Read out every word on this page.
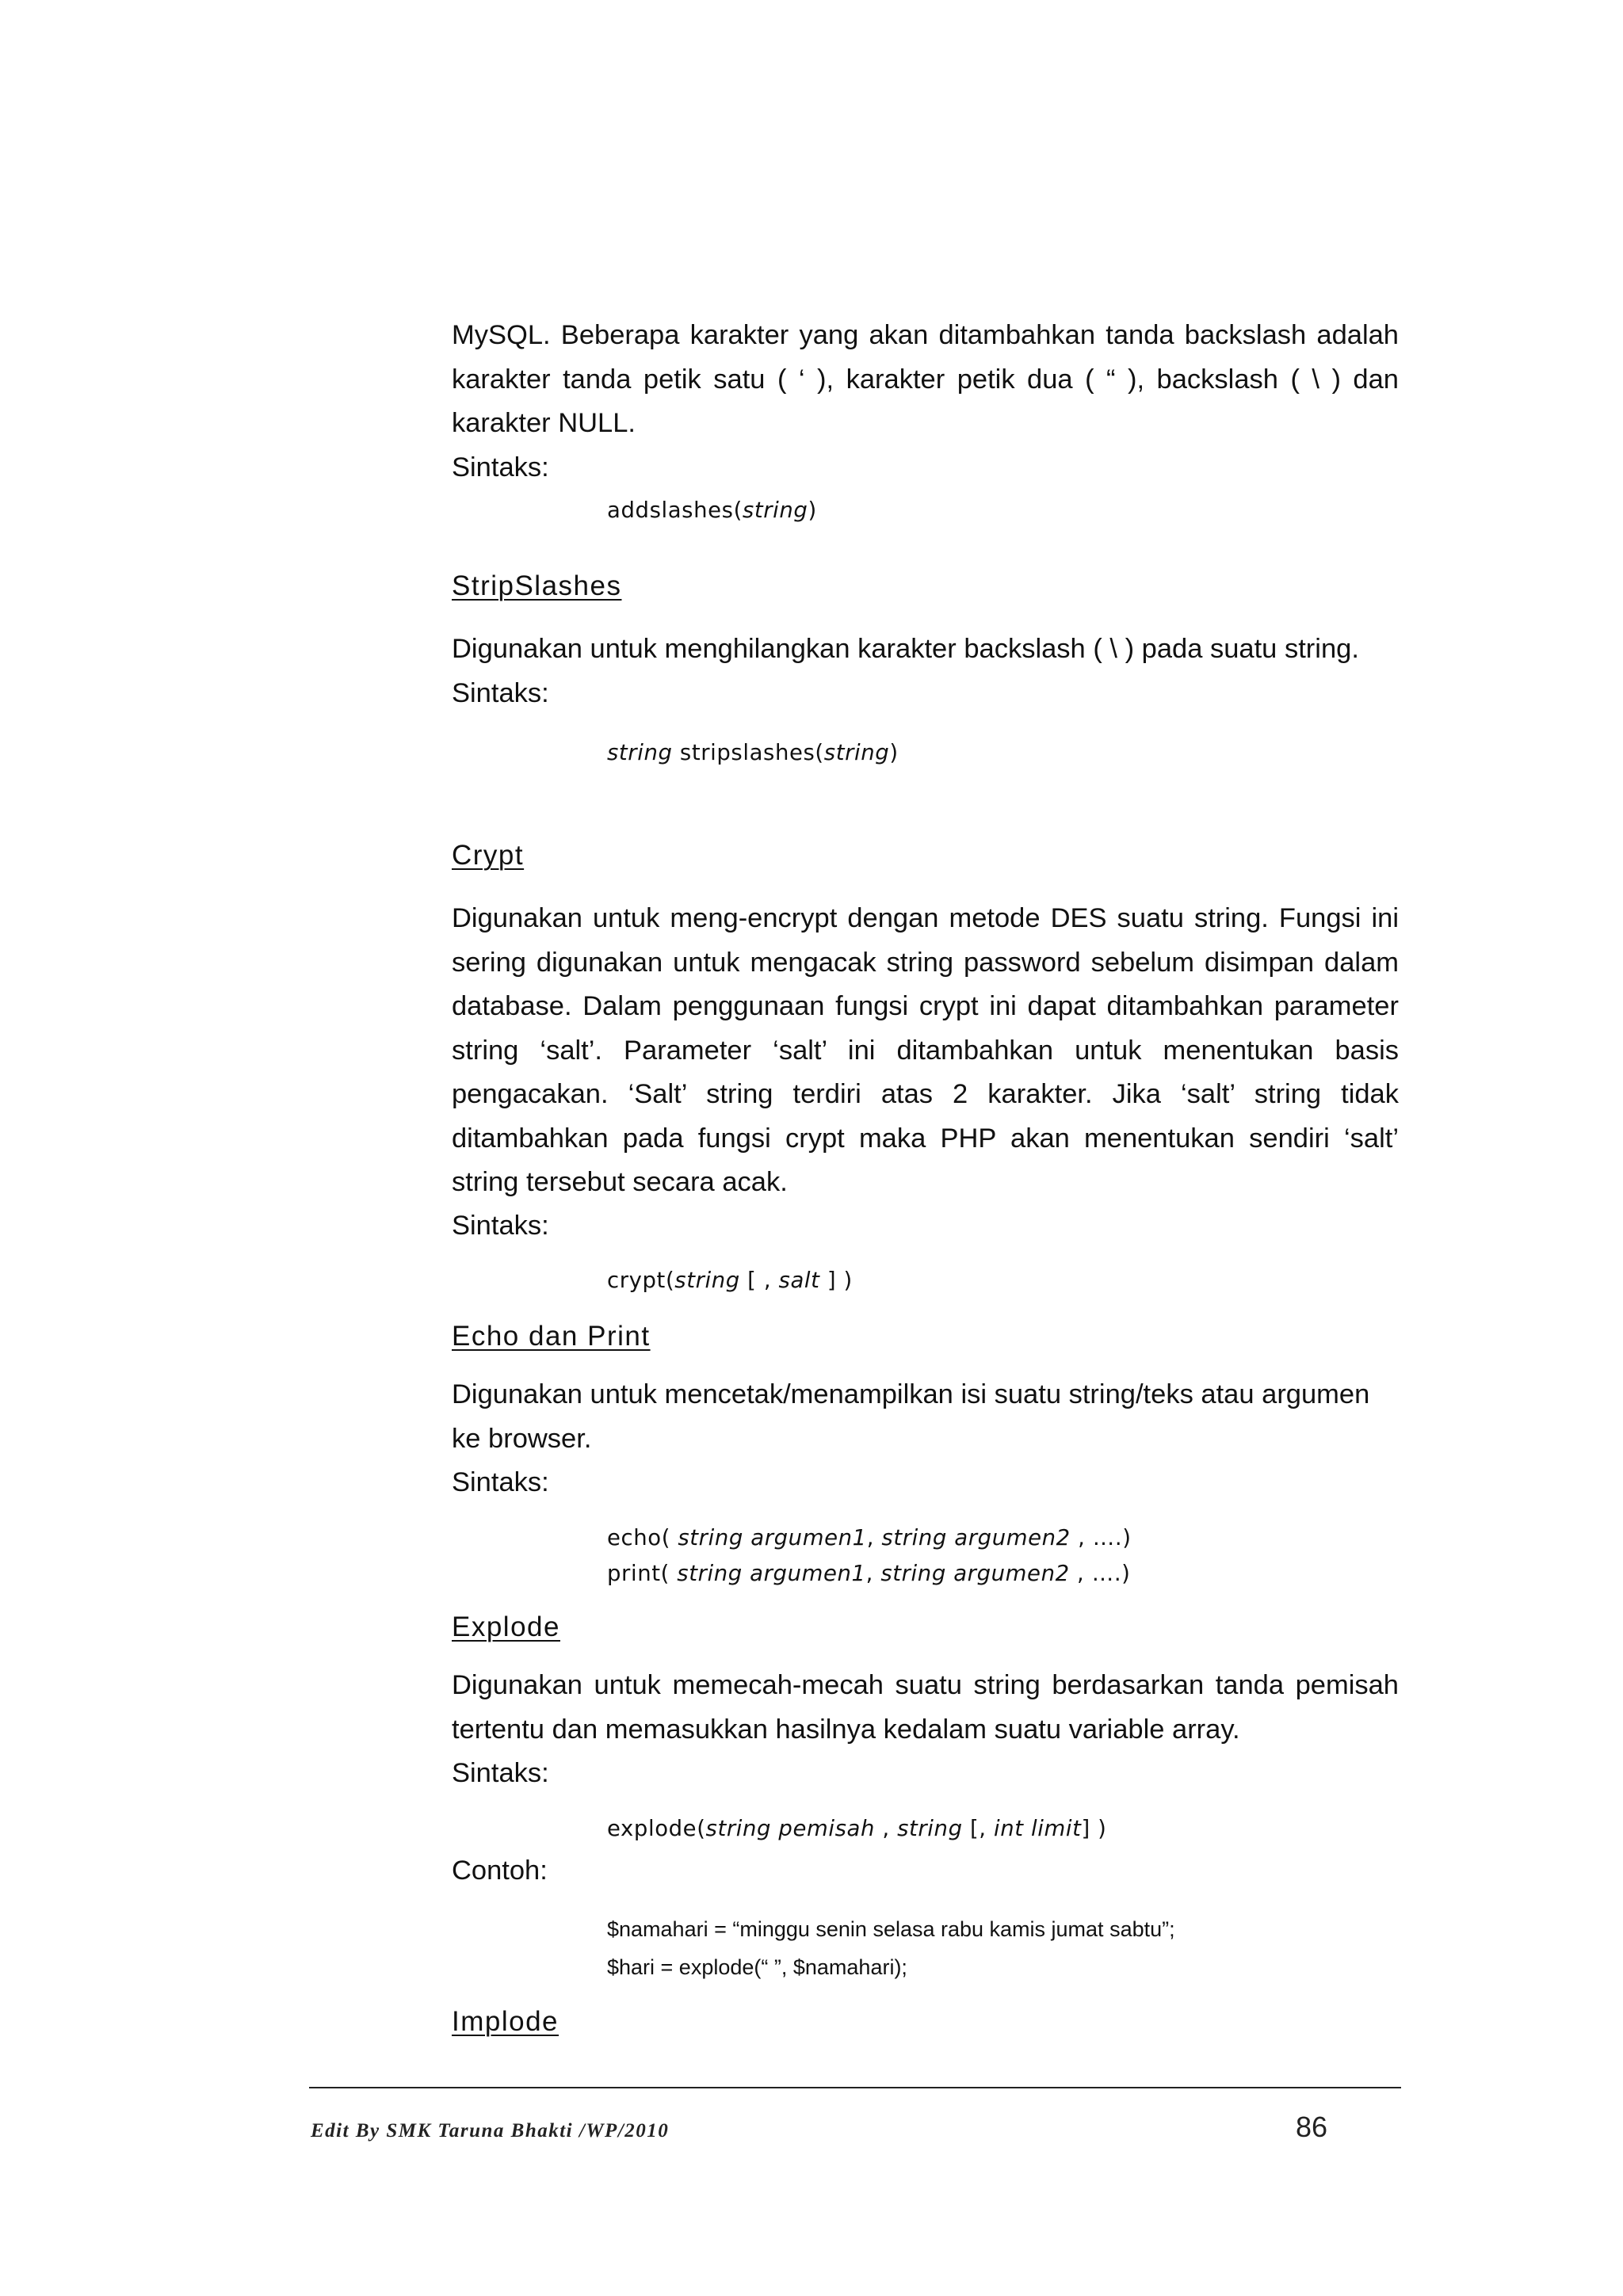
MySQL. Beberapa karakter yang akan ditambahkan tanda backslash adalah karakter tanda petik satu ( ‘ ), karakter petik dua ( “ ), backslash ( \ ) dan karakter NULL.

Sintaks:

addslashes(string)

StripSlashes

Digunakan untuk menghilangkan karakter backslash ( \ ) pada suatu string.

Sintaks:

string stripslashes(string)

Crypt

Digunakan untuk meng-encrypt dengan metode DES suatu string. Fungsi ini sering digunakan untuk mengacak string password sebelum disimpan dalam database. Dalam penggunaan fungsi crypt ini dapat ditambahkan parameter string ‘salt’. Parameter ‘salt’ ini ditambahkan untuk menentukan basis pengacakan. ‘Salt’ string terdiri atas 2 karakter. Jika ‘salt’ string tidak ditambahkan pada fungsi crypt maka PHP akan menentukan sendiri ‘salt’ string tersebut secara acak.

Sintaks:

crypt(string [ , salt ] )

Echo dan Print

Digunakan untuk mencetak/menampilkan isi suatu string/teks atau argumen ke browser.

Sintaks:

echo( string argumen1, string argumen2 , ….)

print( string argumen1, string argumen2 , ….)

Explode

Digunakan untuk memecah-mecah suatu string berdasarkan tanda pemisah tertentu dan memasukkan hasilnya kedalam suatu variable array.

Sintaks:

explode(string pemisah , string [, int limit] )

Contoh:

$namahari = “minggu senin selasa rabu kamis jumat sabtu”;

$hari = explode(“ ”, $namahari);

Implode

Edit By SMK Taruna Bhakti /WP/2010	86
